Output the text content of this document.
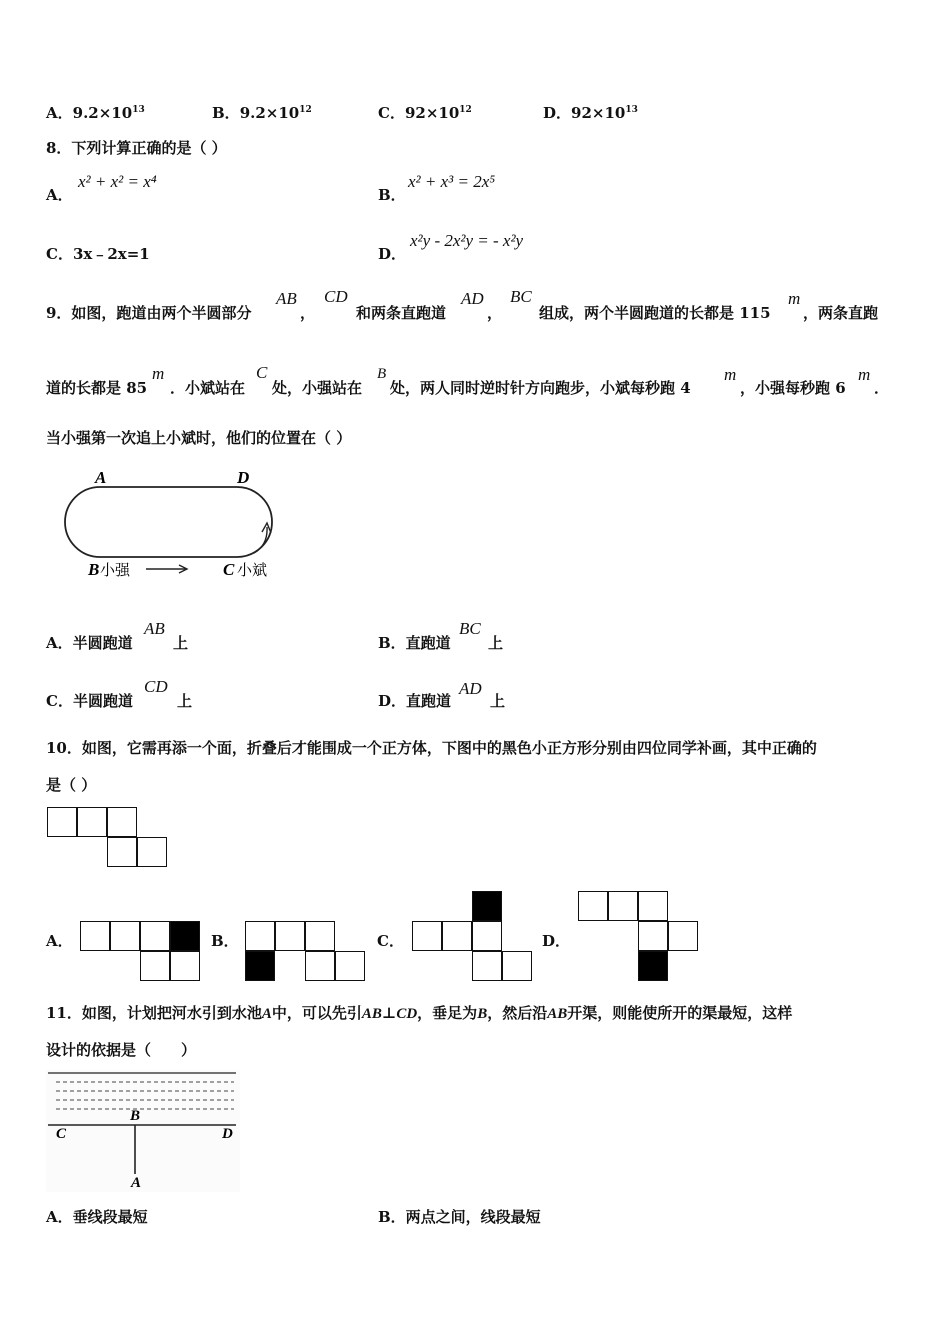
A．$9.2\times 10^{13}$	B．$9.2\times 10^{12}$	C．$92\times 10^{12}$	D．$92\times 10^{13}$
8．下列计算正确的是（ ）
A．
x² + x² = x⁴
B．
x² + x³ = 2x⁵
C．3x﹣2x=1	D．
x²y - 2x²y = - x²y
9．如图，跑道由两个半圆部分
AB
，
CD
和两条直跑道
AD
，
BC
组成，两个半圆跑道的长都是 115
m
，两条直跑
道的长都是 85
m
．小斌站在
C
处，小强站在
B
处，两人同时逆时针方向跑步，小斌每秒跑 4
m
，小强每秒跑 6
m
．
当小强第一次追上小斌时，他们的位置在（ ）
A	D
B 小强	C 小斌
A．半圆跑道
AB
上	B．直跑道
BC
上
C．半圆跑道
CD
上	D．直跑道
AD
上
10．如图，它需再添一个面，折叠后才能围成一个正方体，下图中的黑色小正方形分别由四位同学补画，其中正确的
是（ ）
A．	B．	C．	D．
11．如图，计划把河水引到水池A中，可以先引AB⊥CD，垂足为B，然后沿AB开渠，则能使所开的渠最短，这样
设计的依据是（　　）
B
C	D
A
A．垂线段最短	B．两点之间，线段最短
